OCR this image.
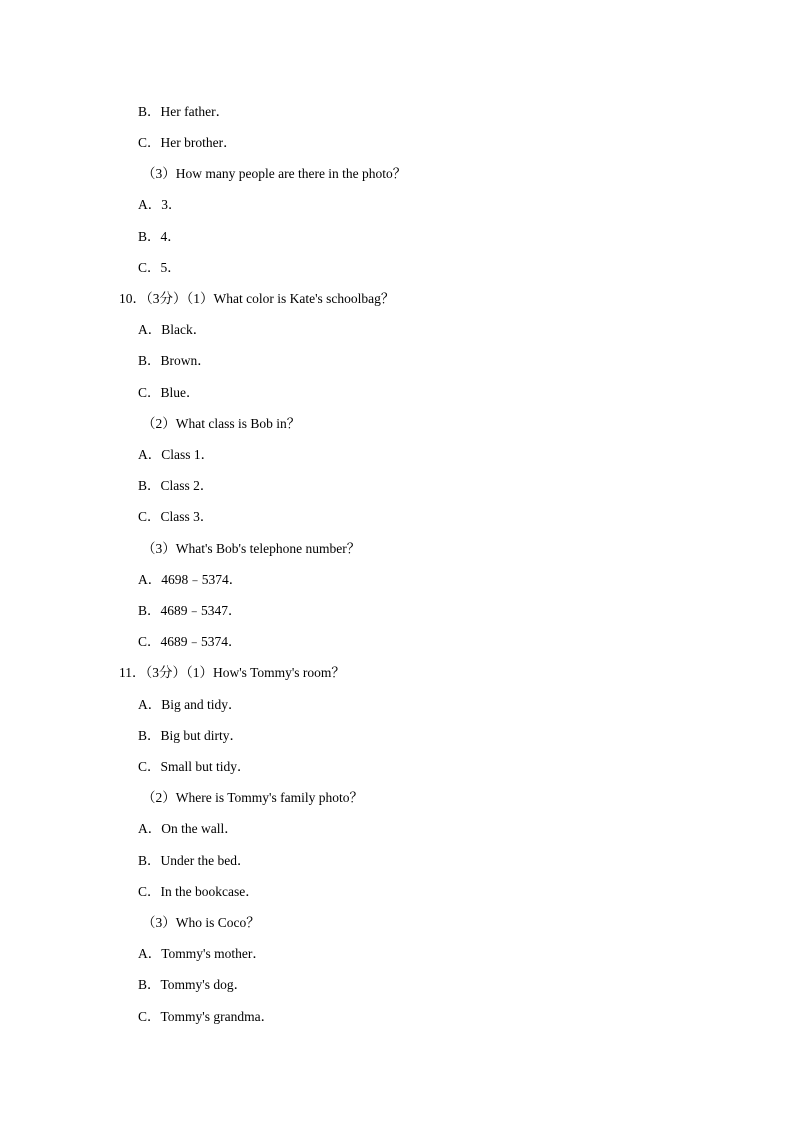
B．Her father．
C．Her brother．
（3）How many people are there in the photo？
A．3．
B．4．
C．5．
10．（3分）（1）What color is Kate's schoolbag？
A．Black．
B．Brown．
C．Blue．
（2）What class is Bob in？
A．Class 1．
B．Class 2．
C．Class 3．
（3）What's Bob's telephone number？
A．4698﹣5374．
B．4689﹣5347．
C．4689﹣5374．
11．（3分）（1）How's Tommy's room？
A．Big and tidy．
B．Big but dirty．
C．Small but tidy．
（2）Where is Tommy's family photo？
A．On the wall．
B．Under the bed．
C．In the bookcase．
（3）Who is Coco？
A．Tommy's mother．
B．Tommy's dog．
C．Tommy's grandma．
